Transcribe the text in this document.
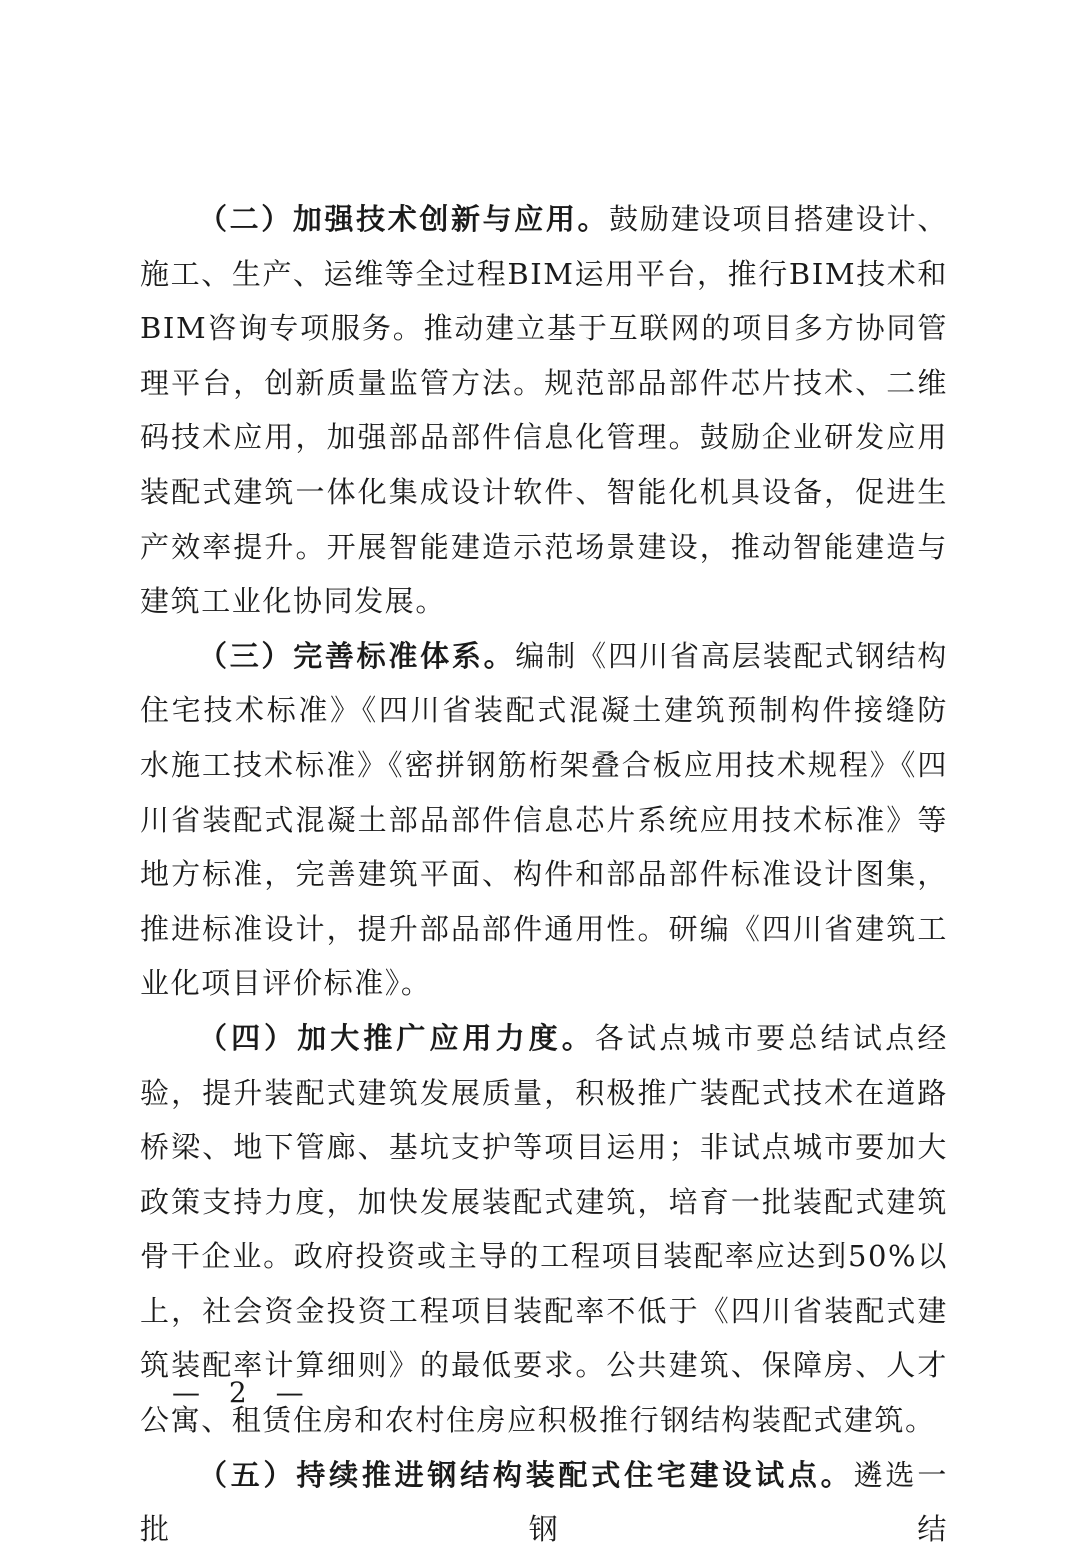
（二）加强技术创新与应用。鼓励建设项目搭建设计、施工、生产、运维等全过程BIM运用平台，推行BIM技术和BIM咨询专项服务。推动建立基于互联网的项目多方协同管理平台，创新质量监管方法。规范部品部件芯片技术、二维码技术应用，加强部品部件信息化管理。鼓励企业研发应用装配式建筑一体化集成设计软件、智能化机具设备，促进生产效率提升。开展智能建造示范场景建设，推动智能建造与建筑工业化协同发展。

（三）完善标准体系。编制《四川省高层装配式钢结构住宅技术标准》《四川省装配式混凝土建筑预制构件接缝防水施工技术标准》《密拼钢筋桁架叠合板应用技术规程》《四川省装配式混凝土部品部件信息芯片系统应用技术标准》等地方标准，完善建筑平面、构件和部品部件标准设计图集，推进标准设计，提升部品部件通用性。研编《四川省建筑工业化项目评价标准》。

（四）加大推广应用力度。各试点城市要总结试点经验，提升装配式建筑发展质量，积极推广装配式技术在道路桥梁、地下管廊、基坑支护等项目运用；非试点城市要加大政策支持力度，加快发展装配式建筑，培育一批装配式建筑骨干企业。政府投资或主导的工程项目装配率应达到50%以上，社会资金投资工程项目装配率不低于《四川省装配式建筑装配率计算细则》的最低要求。公共建筑、保障房、人才公寓、租赁住房和农村住房应积极推行钢结构装配式建筑。

（五）持续推进钢结构装配式住宅建设试点。遴选一批钢结

— 2 —
